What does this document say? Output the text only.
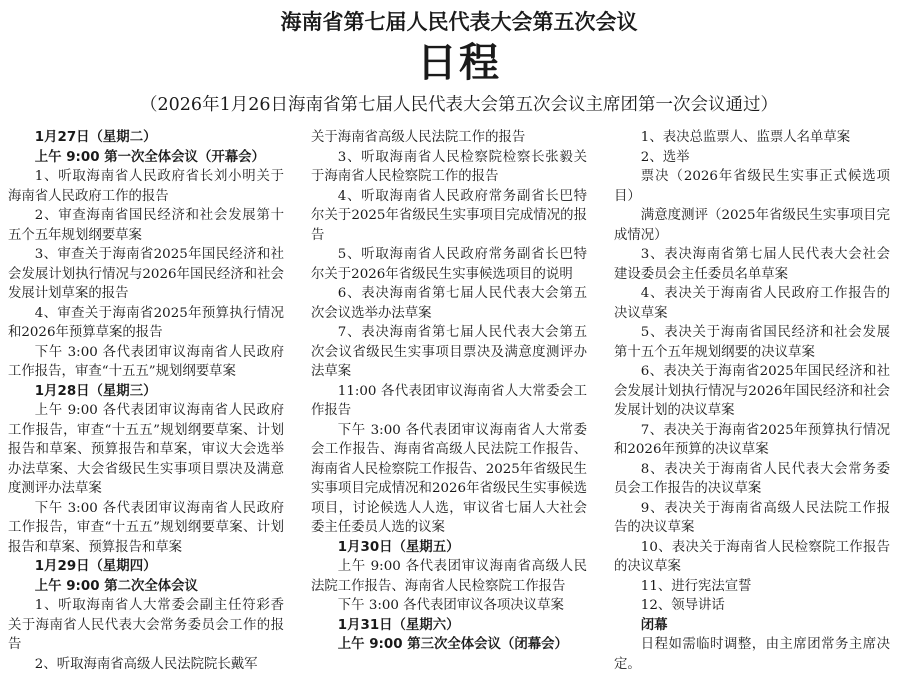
海南省第七届人民代表大会第五次会议
日程
（2026年1月26日海南省第七届人民代表大会第五次会议主席团第一次会议通过）

1月27日（星期二）

上午 9:00 第一次全体会议（开幕会）

1、听取海南省人民政府省长刘小明关于海南省人民政府工作的报告

2、审查海南省国民经济和社会发展第十五个五年规划纲要草案

3、审查关于海南省2025年国民经济和社会发展计划执行情况与2026年国民经济和社会发展计划草案的报告

4、审查关于海南省2025年预算执行情况和2026年预算草案的报告

下午 3:00 各代表团审议海南省人民政府工作报告，审查“十五五”规划纲要草案

1月28日（星期三）

上午 9:00 各代表团审议海南省人民政府工作报告，审查“十五五”规划纲要草案、计划报告和草案、预算报告和草案，审议大会选举办法草案、大会省级民生实事项目票决及满意度测评办法草案

下午 3:00 各代表团审议海南省人民政府工作报告，审查“十五五”规划纲要草案、计划报告和草案、预算报告和草案

1月29日（星期四）

上午 9:00 第二次全体会议

1、听取海南省人大常委会副主任符彩香关于海南省人民代表大会常务委员会工作的报告

2、听取海南省高级人民法院院长戴军

关于海南省高级人民法院工作的报告

3、听取海南省人民检察院检察长张毅关于海南省人民检察院工作的报告

4、听取海南省人民政府常务副省长巴特尔关于2025年省级民生实事项目完成情况的报告

5、听取海南省人民政府常务副省长巴特尔关于2026年省级民生实事候选项目的说明

6、表决海南省第七届人民代表大会第五次会议选举办法草案

7、表决海南省第七届人民代表大会第五次会议省级民生实事项目票决及满意度测评办法草案

11:00 各代表团审议海南省人大常委会工作报告

下午 3:00 各代表团审议海南省人大常委会工作报告、海南省高级人民法院工作报告、海南省人民检察院工作报告、2025年省级民生实事项目完成情况和2026年省级民生实事候选项目，讨论候选人人选，审议省七届人大社会委主任委员人选的议案

1月30日（星期五）

上午 9:00 各代表团审议海南省高级人民法院工作报告、海南省人民检察院工作报告

下午 3:00 各代表团审议各项决议草案

1月31日（星期六）

上午 9:00 第三次全体会议（闭幕会）

1、表决总监票人、监票人名单草案

2、选举

票决（2026年省级民生实事正式候选项目）

满意度测评（2025年省级民生实事项目完成情况）

3、表决海南省第七届人民代表大会社会建设委员会主任委员名单草案

4、表决关于海南省人民政府工作报告的决议草案

5、表决关于海南省国民经济和社会发展第十五个五年规划纲要的决议草案

6、表决关于海南省2025年国民经济和社会发展计划执行情况与2026年国民经济和社会发展计划的决议草案

7、表决关于海南省2025年预算执行情况和2026年预算的决议草案

8、表决关于海南省人民代表大会常务委员会工作报告的决议草案

9、表决关于海南省高级人民法院工作报告的决议草案

10、表决关于海南省人民检察院工作报告的决议草案

11、进行宪法宣誓

12、领导讲话

闭幕

日程如需临时调整，由主席团常务主席决定。
